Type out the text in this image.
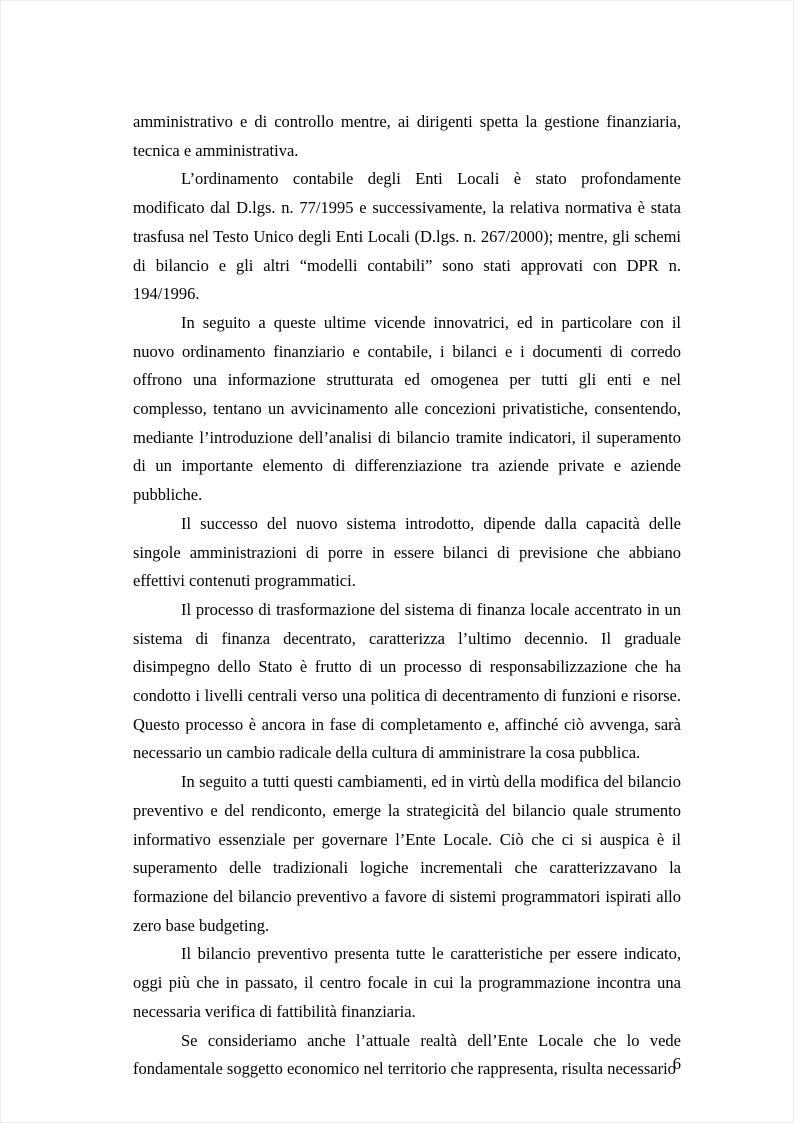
amministrativo e di controllo mentre, ai dirigenti spetta la gestione finanziaria, tecnica e amministrativa.

L’ordinamento contabile degli Enti Locali è stato profondamente modificato dal D.lgs. n. 77/1995 e successivamente, la relativa normativa è stata trasfusa nel Testo Unico degli Enti Locali (D.lgs. n. 267/2000); mentre, gli schemi di bilancio e gli altri “modelli contabili” sono stati approvati con DPR n. 194/1996.

In seguito a queste ultime vicende innovatrici, ed in particolare con il nuovo ordinamento finanziario e contabile, i bilanci e i documenti di corredo offrono una informazione strutturata ed omogenea per tutti gli enti e nel complesso, tentano un avvicinamento alle concezioni privatistiche, consentendo, mediante l’introduzione dell’analisi di bilancio tramite indicatori, il superamento di un importante elemento di differenziazione tra aziende private e aziende pubbliche.

Il successo del nuovo sistema introdotto, dipende dalla capacità delle singole amministrazioni di porre in essere bilanci di previsione che abbiano effettivi contenuti programmatici.

Il processo di trasformazione del sistema di finanza locale accentrato in un sistema di finanza decentrato, caratterizza l’ultimo decennio. Il graduale disimpegno dello Stato è frutto di un processo di responsabilizzazione che ha condotto i livelli centrali verso una politica di decentramento di funzioni e risorse. Questo processo è ancora in fase di completamento e, affinché ciò avvenga, sarà necessario un cambio radicale della cultura di amministrare la cosa pubblica.

In seguito a tutti questi cambiamenti, ed in virtù della modifica del bilancio preventivo e del rendiconto, emerge la strategicità del bilancio quale strumento informativo essenziale per governare l’Ente Locale. Ciò che ci si auspica è il superamento delle tradizionali logiche incrementali che caratterizzavano la formazione del bilancio preventivo a favore di sistemi programmatori ispirati allo zero base budgeting.

Il bilancio preventivo presenta tutte le caratteristiche per essere indicato, oggi più che in passato, il centro focale in cui la programmazione incontra una necessaria verifica di fattibilità finanziaria.

Se consideriamo anche l’attuale realtà dell’Ente Locale che lo vede fondamentale soggetto economico nel territorio che rappresenta, risulta necessario

6
